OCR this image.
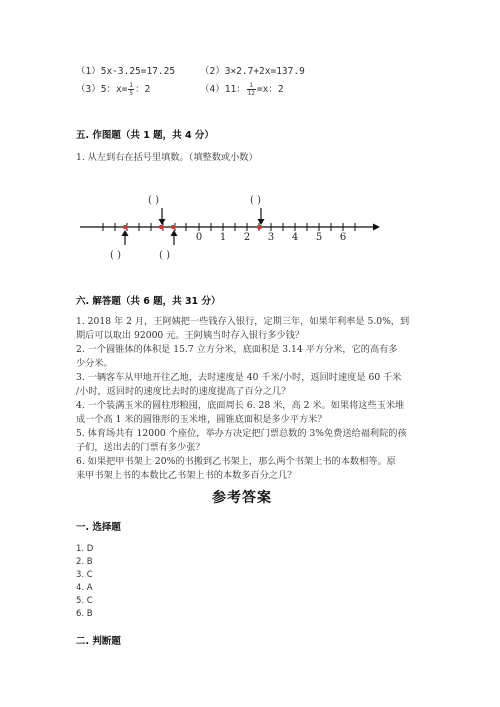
（1）5x-3.25=17.25	（2）3×2.7+2x=137.9
（3）5：$x= \frac{1}{5}$ ：2	（4）11： $\frac{1}{12} =x$：2
五. 作图题（共 1 题，共 4 分）
1. 从左到右在括号里填数。（填整数或小数）
( )	( )
0 1 2 3 4 5 6
( )	( )
六. 解答题（共 6 题，共 31 分）
1. 2018 年 2 月，王阿姨把一些钱存入银行，定期三年，如果年利率是 5.0%，到
期后可以取出 92000 元。王阿姨当时存入银行多少钱？
2. 一个圆锥体的体积是 15.7 立方分米，底面积是 3.14 平方分米，它的高有多
少分米。
3. 一辆客车从甲地开往乙地，去时速度是 40 千米/小时，返回时速度是 60 千米
/小时，返回时的速度比去时的速度提高了百分之几？
4. 一个装满玉米的圆柱形粮囤，底面周长 6. 28 米，高 2 米。如果将这些玉米堆
成一个高 1 米的圆锥形的玉米堆，圆锥底面积是多少平方米？
5. 体育场共有 12000 个座位，举办方决定把门票总数的 3%免费送给福利院的孩
子们，送出去的门票有多少张？
6. 如果把甲书架上 20%的书搬到乙书架上，那么两个书架上书的本数相等。原
来甲书架上书的本数比乙书架上书的本数多百分之几？
参考答案
一. 选择题
1. D
2. B
3. C
4. A
5. C
6. B
二. 判断题
